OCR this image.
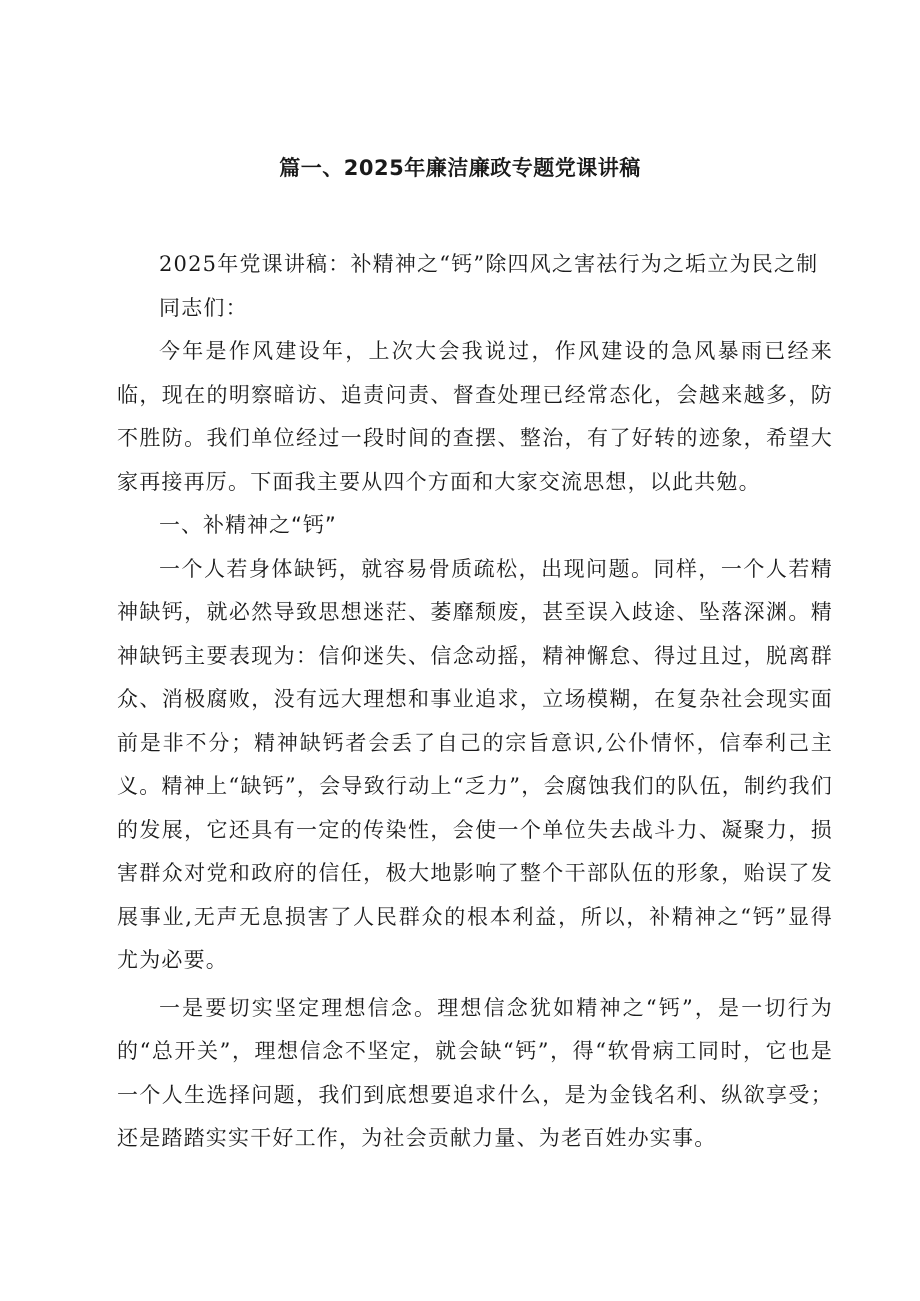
篇一、2025年廉洁廉政专题党课讲稿

2025年党课讲稿：补精神之“钙”除四风之害祛行为之垢立为民之制

同志们：

今年是作风建设年，上次大会我说过，作风建设的急风暴雨已经来临，现在的明察暗访、追责问责、督查处理已经常态化，会越来越多，防不胜防。我们单位经过一段时间的查摆、整治，有了好转的迹象，希望大家再接再厉。下面我主要从四个方面和大家交流思想，以此共勉。

一、补精神之“钙”

一个人若身体缺钙，就容易骨质疏松，出现问题。同样，一个人若精神缺钙，就必然导致思想迷茫、萎靡颓废，甚至误入歧途、坠落深渊。精神缺钙主要表现为：信仰迷失、信念动摇，精神懈怠、得过且过，脱离群众、消极腐败，没有远大理想和事业追求，立场模糊，在复杂社会现实面前是非不分；精神缺钙者会丢了自己的宗旨意识,公仆情怀，信奉利己主义。精神上“缺钙”，会导致行动上“乏力”，会腐蚀我们的队伍，制约我们的发展，它还具有一定的传染性，会使一个单位失去战斗力、凝聚力，损害群众对党和政府的信任，极大地影响了整个干部队伍的形象，贻误了发展事业,无声无息损害了人民群众的根本利益，所以，补精神之“钙”显得尤为必要。

一是要切实坚定理想信念。理想信念犹如精神之“钙”，是一切行为的“总开关”，理想信念不坚定，就会缺“钙”，得“软骨病工同时，它也是一个人生选择问题，我们到底想要追求什么，是为金钱名利、纵欲享受；还是踏踏实实干好工作，为社会贡献力量、为老百姓办实事。
